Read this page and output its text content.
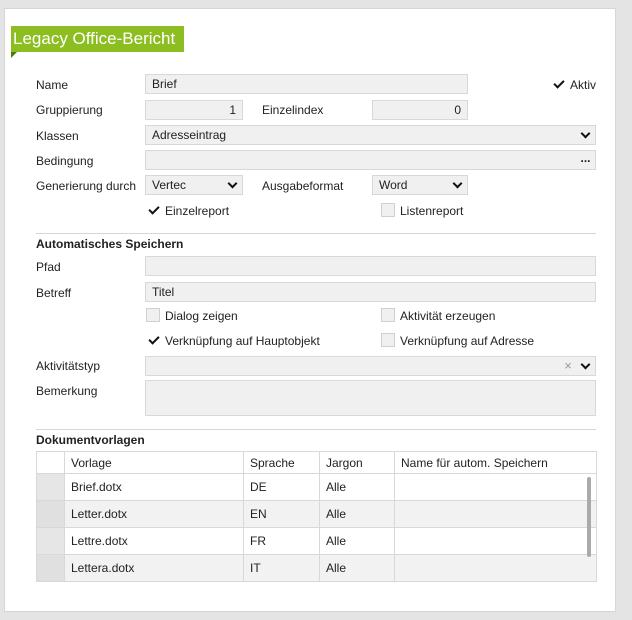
Legacy Office-Bericht
Name	Brief	Aktiv
Gruppierung	1	Einzelindex	0
Klassen	Adresseintrag
Bedingung	...
Generierung durch	Vertec	Ausgabeformat	Word
Einzelreport	Listenreport
Automatisches Speichern
Pfad
Betreff	Titel
Dialog zeigen	Aktivität erzeugen
Verknüpfung auf Hauptobjekt	Verknüpfung auf Adresse
Aktivitätstyp	×
Bemerkung
Dokumentvorlagen
	Vorlage	Sprache	Jargon	Name für autom. Speichern
	Brief.dotx	DE	Alle	
	Letter.dotx	EN	Alle	
	Lettre.dotx	FR	Alle	
	Lettera.dotx	IT	Alle	
